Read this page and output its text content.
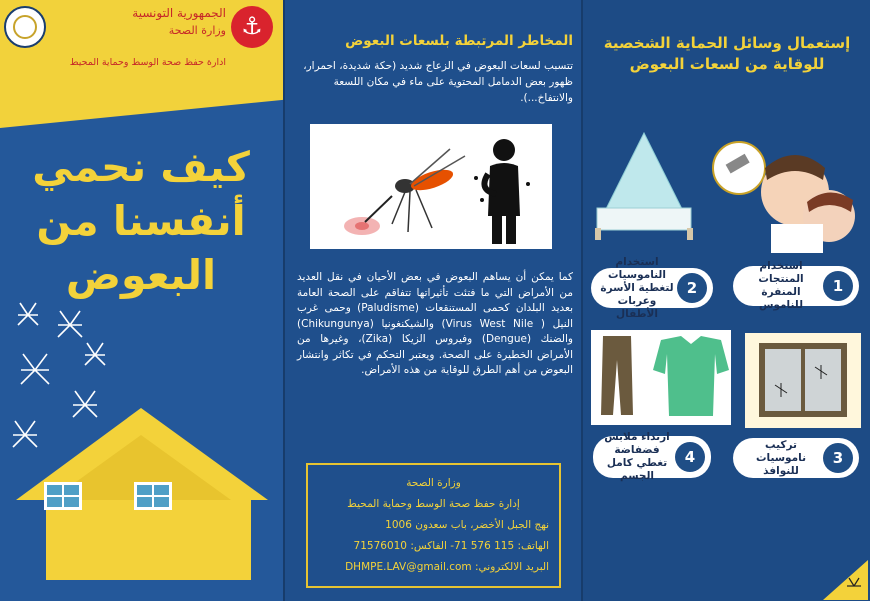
⚓
الجمهورية التونسية
وزارة الصحة
ادارة حفظ صحة الوسط وحماية المحيط
كيف نحمي
أنفسنا من
البعوض
المخاطر المرتبطة بلسعات البعوض
تتسبب لسعات البعوض في الزعاج شديد (حكة شديدة، احمرار، ظهور بعض الدمامل المحتوية على ماء في مكان اللسعة والانتفاخ...).
كما يمكن أن يساهم البعوض في بعض الأحيان في نقل العديد من الأمراض التي ما فتئت تأثيراتها تتفاقم على الصحة العامة بعديد البلدان كحمى المستنقعات (Paludisme) وحمى غرب النيل ( Virus West Nile) والشيكنغونيا (Chikungunya) والضنك (Dengue) وفيروس الزيكا (Zika)، وغيرها من الأمراض الخطيرة على الصحة. ويعتبر التحكم في تكاثر وانتشار البعوض من أهم الطرق للوقاية من هذه الأمراض.
وزارة الصحة
إدارة حفظ صحة الوسط وحماية المحيط
نهج الجبل الأخضر، باب سعدون 1006
الهاتف: 115 576 71- الفاكس: 71576010
البريد الالكتروني: DHMPE.LAV@gmail.com
إستعمال وسائل الحماية الشخصية
للوقاية من لسعات البعوض
استخدام الناموسيات لتغطية الأسرة وعربات الأطفال
2
استخدام المنتجات المنفرة للناموس
1
ارتداء ملابس فضفاضة تغطي كامل الجسم
4
تركيب ناموسيات للنوافذ
3
